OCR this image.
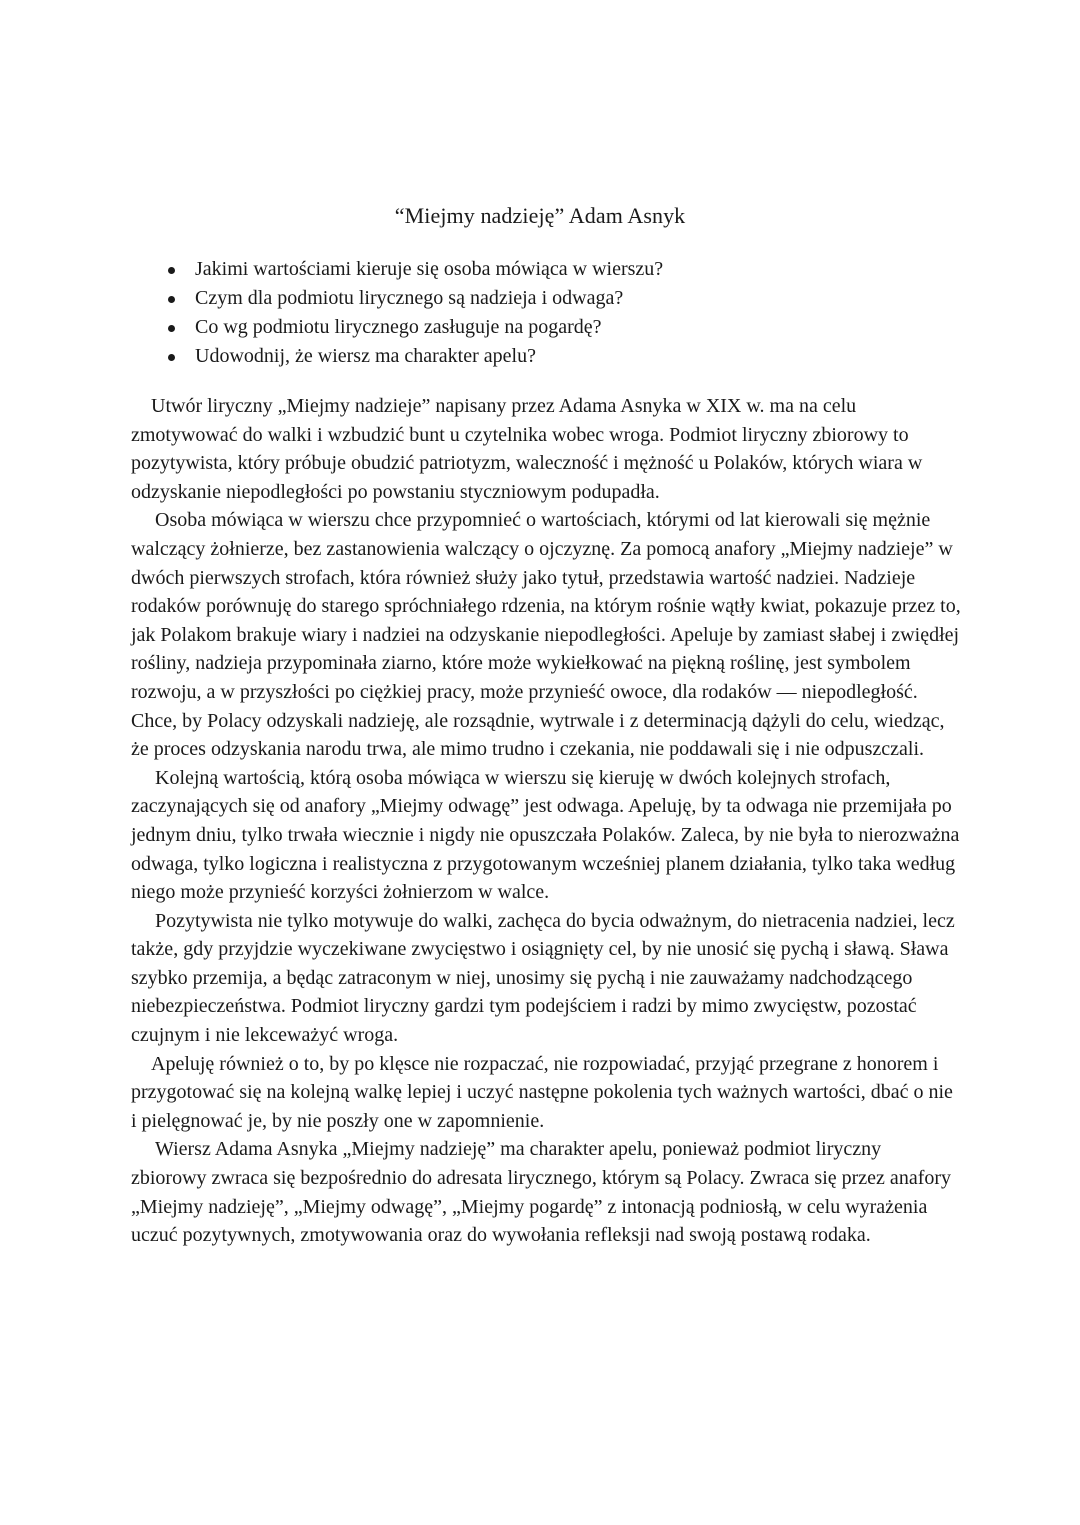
“Miejmy nadzieję” Adam Asnyk
Jakimi wartościami kieruje się osoba mówiąca w wierszu?
Czym dla podmiotu lirycznego są nadzieja i odwaga?
Co wg podmiotu lirycznego zasługuje na pogardę?
Udowodnij, że wiersz ma charakter apelu?

Utwór liryczny „Miejmy nadzieje” napisany przez Adama Asnyka w XIX w. ma na celu zmotywować do walki i wzbudzić bunt u czytelnika wobec wroga. Podmiot liryczny zbiorowy to pozytywista, który próbuje obudzić patriotyzm, waleczność i mężność u Polaków, których wiara w odzyskanie niepodległości po powstaniu styczniowym podupadła.

Osoba mówiąca w wierszu chce przypomnieć o wartościach, którymi od lat kierowali się mężnie walczący żołnierze, bez zastanowienia walczący o ojczyznę. Za pomocą anafory „Miejmy nadzieje” w dwóch pierwszych strofach, która również służy jako tytuł, przedstawia wartość nadziei. Nadzieje rodaków porównuję do starego spróchniałego rdzenia, na którym rośnie wątły kwiat, pokazuje przez to, jak Polakom brakuje wiary i nadziei na odzyskanie niepodległości. Apeluje by zamiast słabej i zwiędłej rośliny, nadzieja przypominała ziarno, które może wykiełkować na piękną roślinę, jest symbolem rozwoju, a w przyszłości po ciężkiej pracy, może przynieść owoce, dla rodaków — niepodległość. Chce, by Polacy odzyskali nadzieję, ale rozsądnie, wytrwale i z determinacją dążyli do celu, wiedząc, że proces odzyskania narodu trwa, ale mimo trudno i czekania, nie poddawali się i nie odpuszczali.

Kolejną wartością, którą osoba mówiąca w wierszu się kieruję w dwóch kolejnych strofach, zaczynających się od anafory „Miejmy odwagę” jest odwaga. Apeluję, by ta odwaga nie przemijała po jednym dniu, tylko trwała wiecznie i nigdy nie opuszczała Polaków. Zaleca, by nie była to nierozważna odwaga, tylko logiczna i realistyczna z przygotowanym wcześniej planem działania, tylko taka według niego może przynieść korzyści żołnierzom w walce.

Pozytywista nie tylko motywuje do walki, zachęca do bycia odważnym, do nietracenia nadziei, lecz także, gdy przyjdzie wyczekiwane zwycięstwo i osiągnięty cel, by nie unosić się pychą i sławą. Sława szybko przemija, a będąc zatraconym w niej, unosimy się pychą i nie zauważamy nadchodzącego niebezpieczeństwa. Podmiot liryczny gardzi tym podejściem i radzi by mimo zwycięstw, pozostać czujnym i nie lekceważyć wroga.

Apeluję również o to, by po klęsce nie rozpaczać, nie rozpowiadać, przyjąć przegrane z honorem i przygotować się na kolejną walkę lepiej i uczyć następne pokolenia tych ważnych wartości, dbać o nie i pielęgnować je, by nie poszły one w zapomnienie.

Wiersz Adama Asnyka „Miejmy nadzieję” ma charakter apelu, ponieważ podmiot liryczny zbiorowy zwraca się bezpośrednio do adresata lirycznego, którym są Polacy. Zwraca się przez anafory „Miejmy nadzieję”, „Miejmy odwagę”, „Miejmy pogardę” z intonacją podniosłą, w celu wyrażenia uczuć pozytywnych, zmotywowania oraz do wywołania refleksji nad swoją postawą rodaka.
